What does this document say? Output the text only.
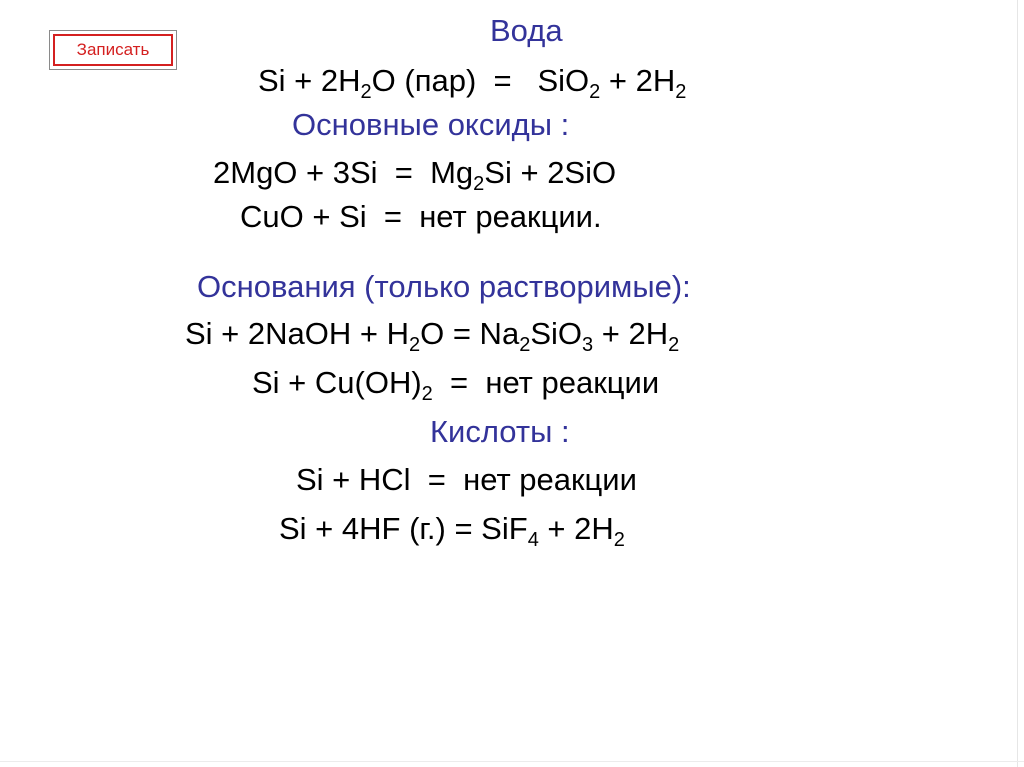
Записать
Вода
$Si + 2H_2O$ $(пар) = SiO_2 + 2H_2$
Основные оксиды :
$2MgO + 3Si = Mg_2Si + 2SiO$
CuO + Si  =  нет реакции.
Основания (только растворимые):
Si + 2NaOH + $H_2O = Na_2SiO_3 + 2H_2$
$Si + Cu(OH)_2$  =  нет реакции
Кислоты :
Si + HCl  =  нет реакции
Si + 4HF $(г.) = SiF_4 + 2H_2$
